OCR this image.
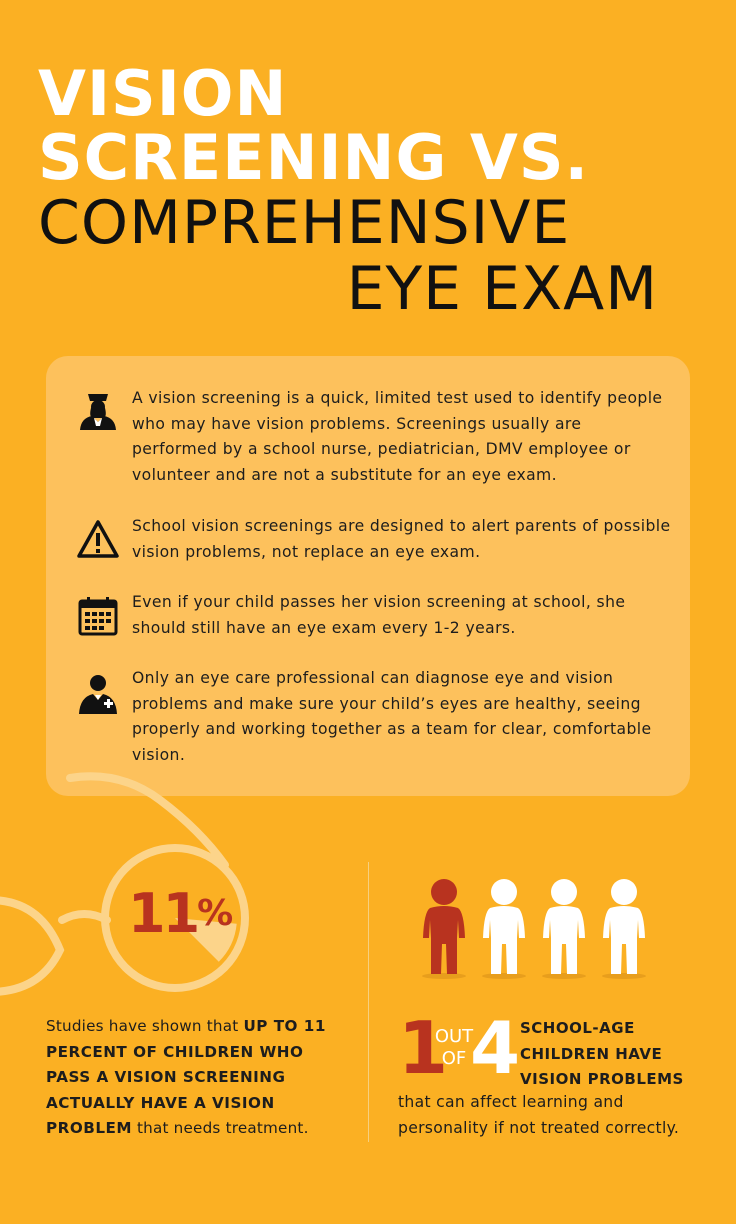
VISION
SCREENING VS.
COMPREHENSIVE
EYE EXAM
A vision screening is a quick, limited test used to identify people who may have vision problems. Screenings usually are performed by a school nurse, pediatrician, DMV employee or volunteer and are not a substitute for an eye exam.
School vision screenings are designed to alert parents of possible vision problems, not replace an eye exam.
Even if your child passes her vision screening at school, she should still have an eye exam every 1-2 years.
Only an eye care professional can diagnose eye and vision problems and make sure your child’s eyes are healthy, seeing properly and working together as a team for clear, comfortable vision.
11%
Studies have shown that UP TO 11 PERCENT OF CHILDREN WHO PASS A VISION SCREENING ACTUALLY HAVE A VISION PROBLEM that needs treatment.
1
OUT
OF 4 SCHOOL-AGE CHILDREN HAVE VISION PROBLEMS
that can affect learning and personality if not treated correctly.
